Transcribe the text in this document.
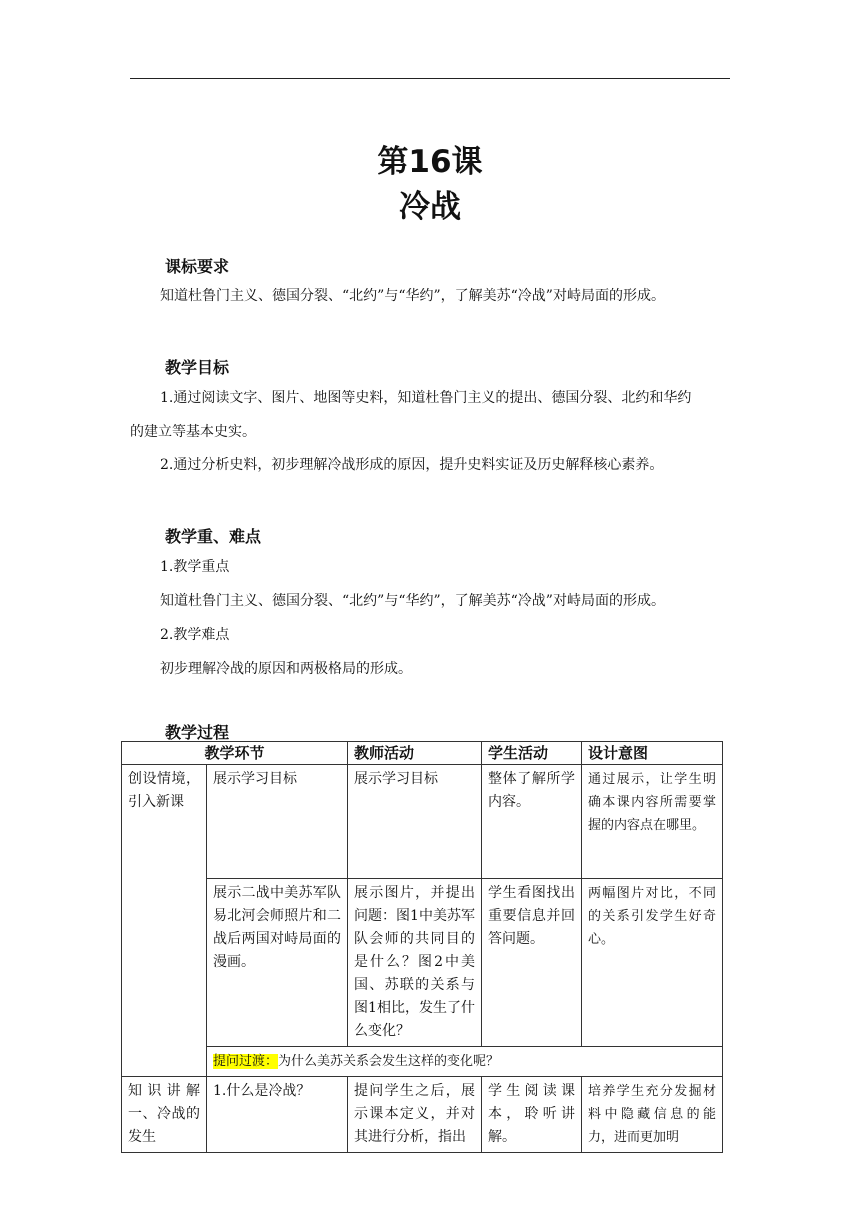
第16课
冷战
课标要求
知道杜鲁门主义、德国分裂、“北约”与“华约”，了解美苏“冷战”对峙局面的形成。
教学目标
1.通过阅读文字、图片、地图等史料，知道杜鲁门主义的提出、德国分裂、北约和华约
的建立等基本史实。
2.通过分析史料，初步理解冷战形成的原因，提升史料实证及历史解释核心素养。
教学重、难点
1.教学重点
知道杜鲁门主义、德国分裂、“北约”与“华约”，了解美苏“冷战”对峙局面的形成。
2.教学难点
初步理解冷战的原因和两极格局的形成。
教学过程
教学环节		教师活动	学生活动	设计意图
创设情境，引入新课	展示学习目标	展示学习目标	整体了解所学内容。	通过展示，让学生明确本课内容所需要掌握的内容点在哪里。
	展示二战中美苏军队易北河会师照片和二战后两国对峙局面的漫画。	展示图片，并提出问题：图1中美苏军队会师的共同目的是什么？图2中美国、苏联的关系与图1相比，发生了什么变化？	学生看图找出重要信息并回答问题。	两幅图片对比，不同的关系引发学生好奇心。
	提问过渡：为什么美苏关系会发生这样的变化呢？			
知识讲解一、冷战的发生	1.什么是冷战？	提问学生之后，展示课本定义，并对其进行分析，指出	学生阅读课本，聆听讲解。	培养学生充分发掘材料中隐藏信息的能力，进而更加明
